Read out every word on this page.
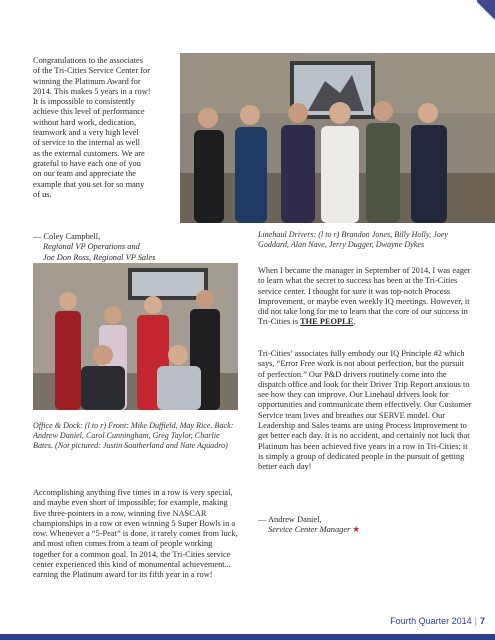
Congratulations to the associates

of the Tri-Cities Service Center for

winning the Platinum Award for

2014. This makes 5 years in a row!

It is impossible to consistently

achieve this level of performance

without hard work, dedication,

teamwork and a very high level

of service to the internal as well

as the external customers. We are

grateful to have each one of you

on our team and appreciate the

example that you set for so many

of us.

— Coley Campbell,

Regional VP Operations and

Joe Don Ross, Regional VP Sales

Linehaul Drivers: (l to r) Brandon Jones, Billy Holly, Joey Goddard, Alan Nave, Jerry Dugger, Dwayne Dykes
Office & Dock: (l to r) Front: Mike Duffield, May Rice. Back: Andrew Daniel, Carol Cunningham, Greg Taylor, Charlie Bates. (Not pictured: Justin Southerland and Nate Aquadro)
Accomplishing anything five times in a row is very special, and maybe even short of impossible; for example, making five three-pointers in a row, winning five NASCAR championships in a row or even winning 5 Super Bowls in a row. Whenever a “5-Peat” is done, it rarely comes from luck, and most often comes from a team of people working together for a common goal. In 2014, the Tri-Cities service center experienced this kind of monumental achievement... earning the Platinum award for its fifth year in a row!
When I became the manager in September of 2014, I was eager to learn what the secret to success has been at the Tri-Cities service center. I thought for sure it was top-notch Process Improvement, or maybe even weekly IQ meetings. However, it did not take long for me to learn that the core of our success in Tri-Cities is THE PEOPLE.
Tri-Cities’ associates fully embody our IQ Principle #2 which says, “Error Free work is not about perfection, but the pursuit of perfection.” Our P&D drivers routinely come into the dispatch office and look for their Driver Trip Report anxious to see how they can improve. Our Linehaul drivers look for opportunities and communicate them effectively. Our Customer Service team lives and breathes our SERVE model. Our Leadership and Sales teams are using Process Improvement to get better each day. It is no accident, and certainly not luck that Platinum has been achieved five years in a row in Tri-Cities; it is simply a group of dedicated people in the pursuit of getting better each day!

— Andrew Daniel,

Service Center Manager ★

Fourth Quarter 2014 | 7
